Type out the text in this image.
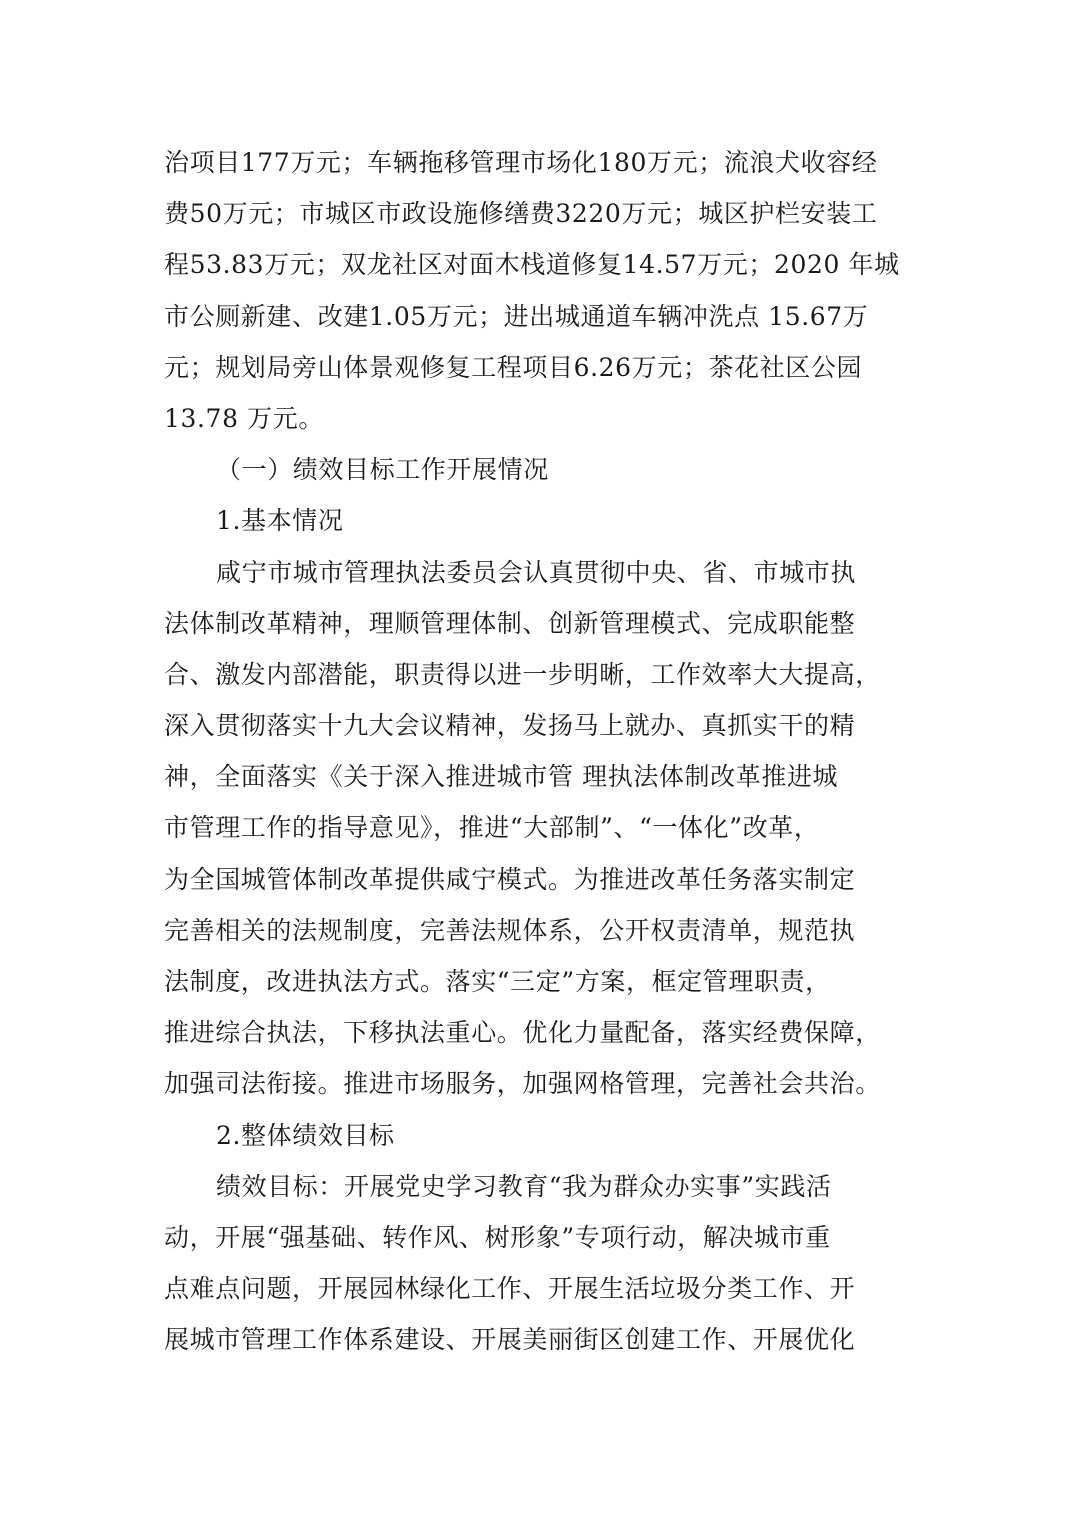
治项目177万元；车辆拖移管理市场化180万元；流浪犬收容经
费50万元；市城区市政设施修缮费3220万元；城区护栏安装工
程53.83万元；双龙社区对面木栈道修复14.57万元；2020 年城
市公厕新建、改建1.05万元；进出城通道车辆冲洗点 15.67万
元；规划局旁山体景观修复工程项目6.26万元；茶花社区公园
13.78 万元。
（一）绩效目标工作开展情况
1.基本情况
咸宁市城市管理执法委员会认真贯彻中央、省、市城市执
法体制改革精神，理顺管理体制、创新管理模式、完成职能整
合、激发内部潜能，职责得以进一步明晰，工作效率大大提高，
深入贯彻落实十九大会议精神，发扬马上就办、真抓实干的精
神，全面落实《关于深入推进城市管 理执法体制改革推进城
市管理工作的指导意见》，推进“大部制”、“一体化”改革，
为全国城管体制改革提供咸宁模式。为推进改革任务落实制定
完善相关的法规制度，完善法规体系，公开权责清单，规范执
法制度，改进执法方式。落实“三定”方案，框定管理职责，
推进综合执法，下移执法重心。优化力量配备，落实经费保障，
加强司法衔接。推进市场服务，加强网格管理，完善社会共治。
2.整体绩效目标
绩效目标：开展党史学习教育“我为群众办实事”实践活
动，开展“强基础、转作风、树形象”专项行动，解决城市重
点难点问题，开展园林绿化工作、开展生活垃圾分类工作、开
展城市管理工作体系建设、开展美丽街区创建工作、开展优化
